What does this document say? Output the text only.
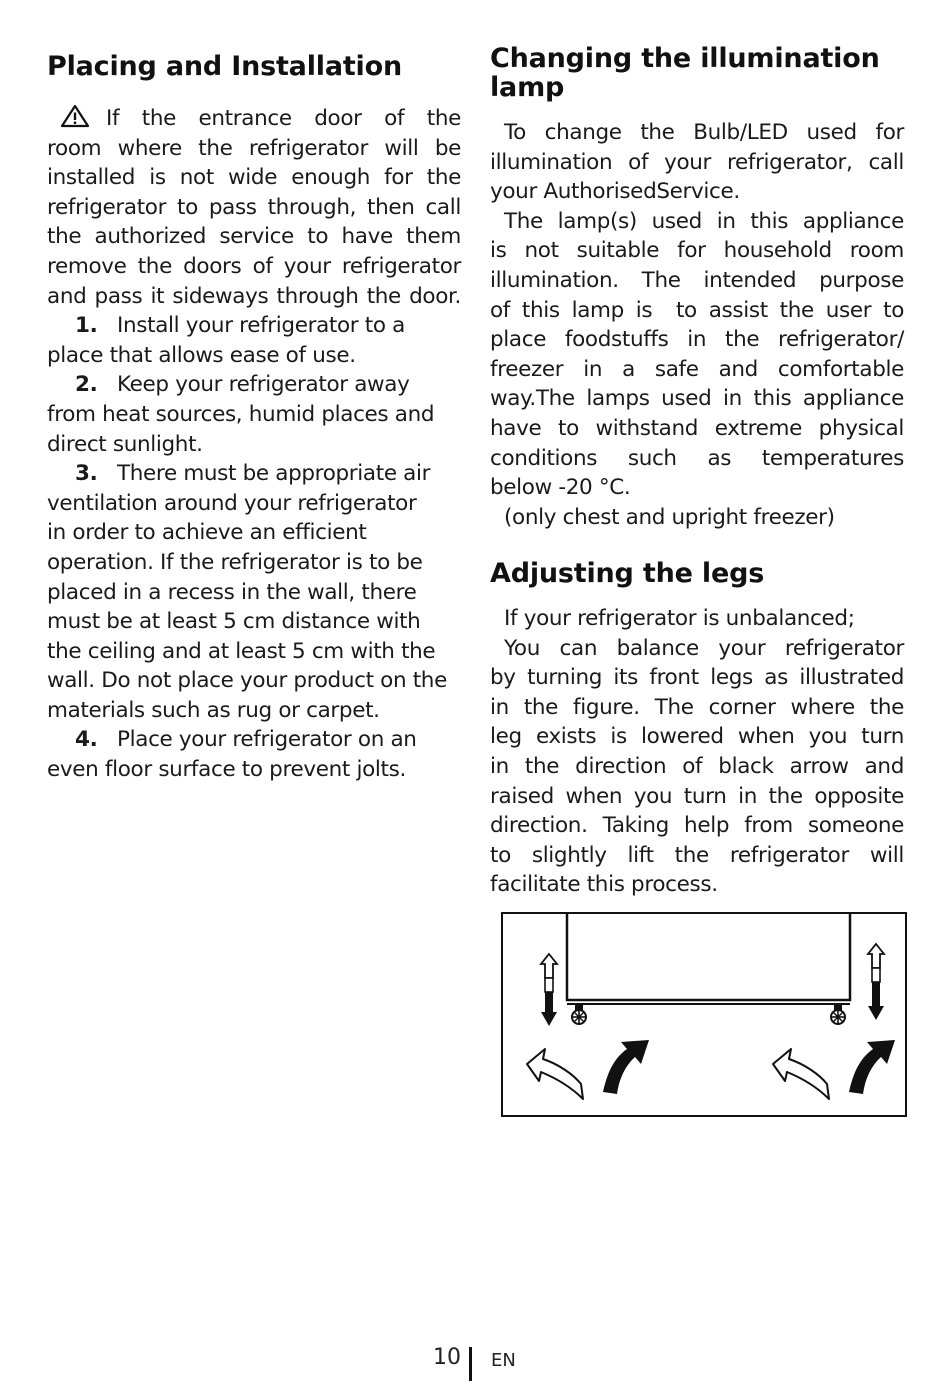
Placing and Installation

If the entrance door of the

room where the refrigerator will be

installed is not wide enough for the

refrigerator to pass through, then call

the authorized service to have them

remove the doors of your refrigerator

and pass it sideways through the door.

1. Install your refrigerator to a

place that allows ease of use.

2. Keep your refrigerator away

from heat sources, humid places and

direct sunlight.

3. There must be appropriate air

ventilation around your refrigerator

in order to achieve an efficient

operation. If the refrigerator is to be

placed in a recess in the wall, there

must be at least 5 cm distance with

the ceiling and at least 5 cm with the

wall. Do not place your product on the

materials such as rug or carpet.

4. Place your refrigerator on an

even floor surface to prevent jolts.

Changing the illumination
lamp

To change the Bulb/LED used for

illumination of your refrigerator, call

your AuthorisedService.

The lamp(s) used in this appliance

is not suitable for household room

illumination. The intended purpose

of this lamp is  to assist the user to

place foodstuffs in the refrigerator/

freezer in a safe and comfortable

way.The lamps used in this appliance

have to withstand extreme physical

conditions such as temperatures

below -20 °C.

(only chest and upright freezer)

Adjusting the legs

If your refrigerator is unbalanced;

You can balance your refrigerator

by turning its front legs as illustrated

in the figure. The corner where the

leg exists is lowered when you turn

in the direction of black arrow and

raised when you turn in the opposite

direction. Taking help from someone

to slightly lift the refrigerator will

facilitate this process.

10 EN
